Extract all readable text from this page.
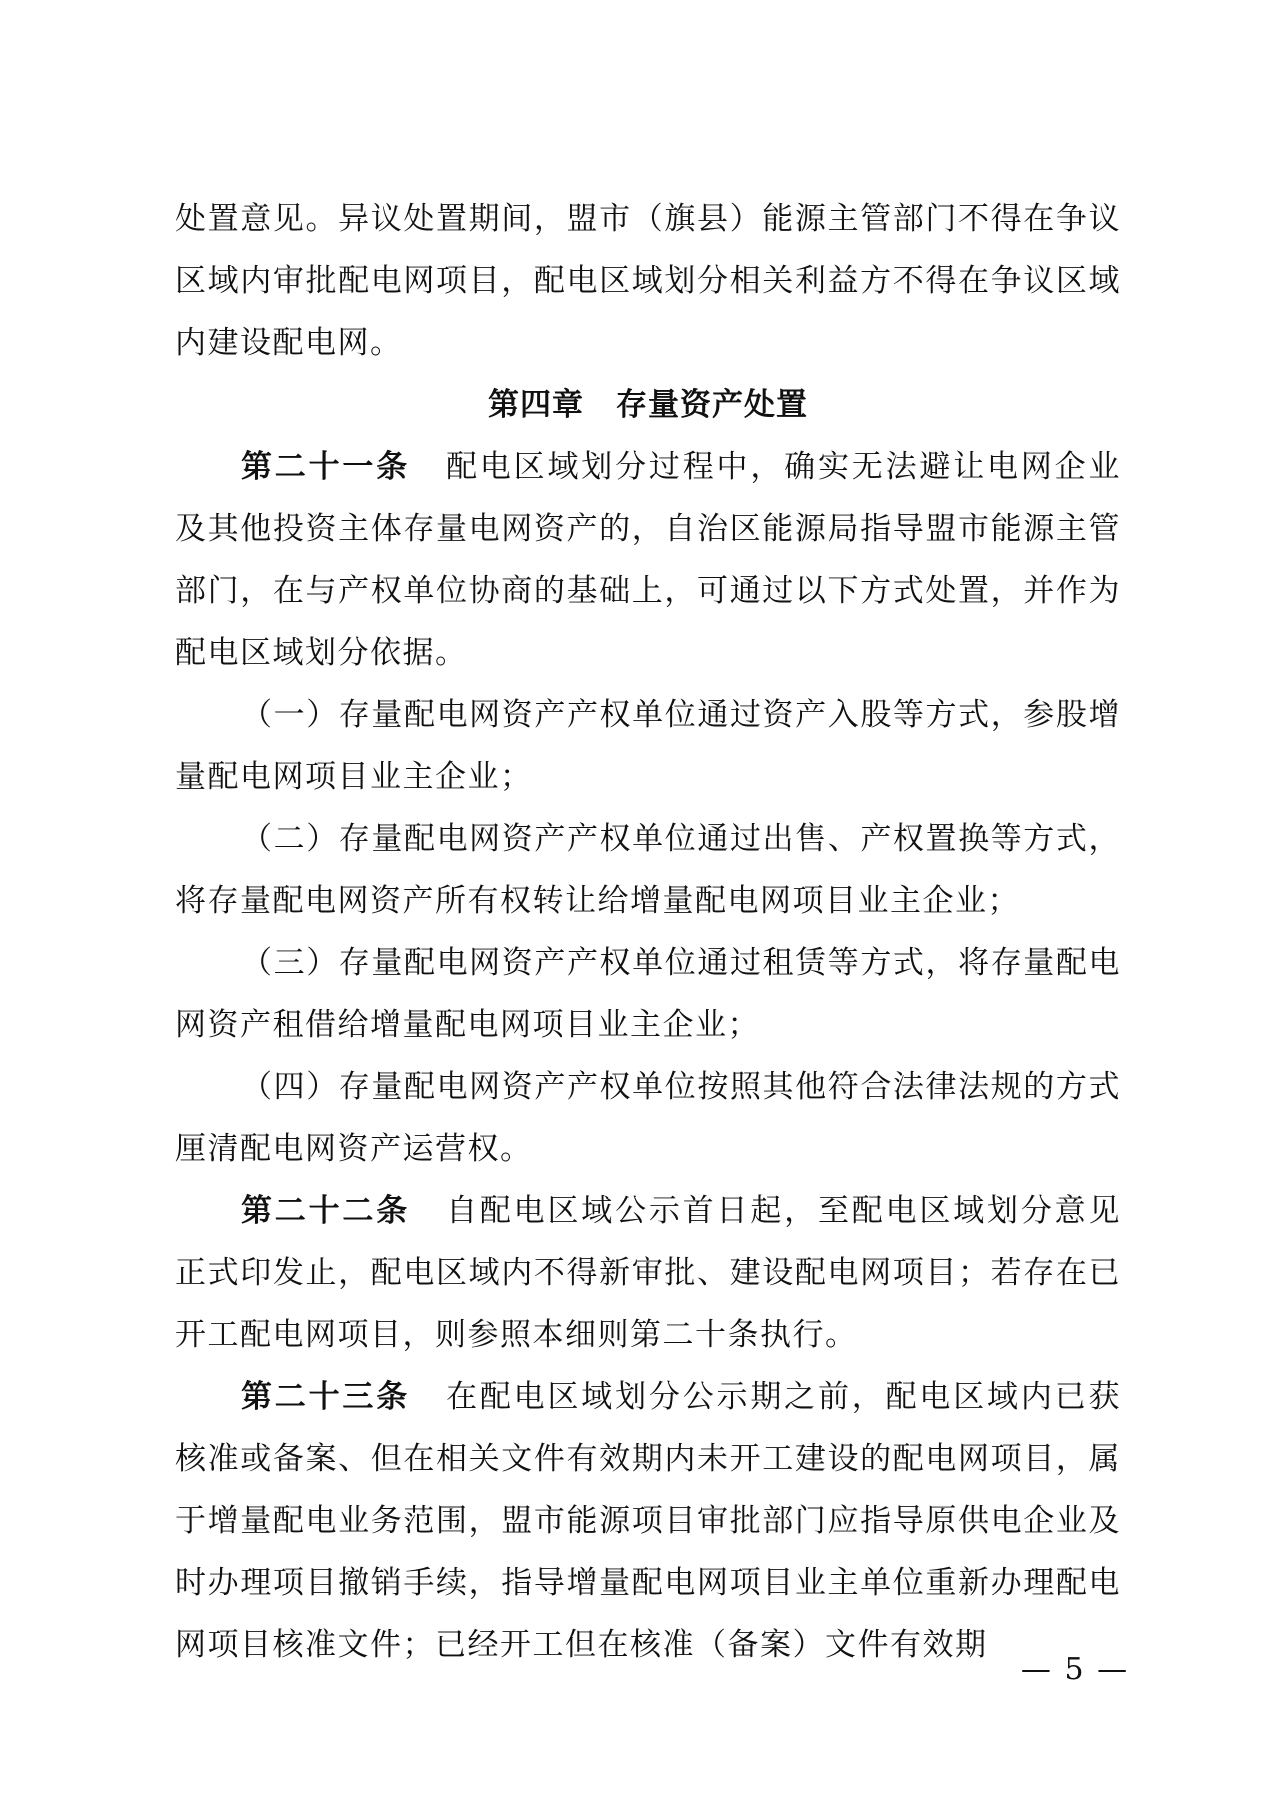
处置意见。异议处置期间，盟市（旗县）能源主管部门不得在争议区域内审批配电网项目，配电区域划分相关利益方不得在争议区域内建设配电网。

第四章　存量资产处置

第二十一条 配电区域划分过程中，确实无法避让电网企业及其他投资主体存量电网资产的，自治区能源局指导盟市能源主管部门，在与产权单位协商的基础上，可通过以下方式处置，并作为配电区域划分依据。

（一）存量配电网资产产权单位通过资产入股等方式，参股增量配电网项目业主企业；

（二）存量配电网资产产权单位通过出售、产权置换等方式，将存量配电网资产所有权转让给增量配电网项目业主企业；

（三）存量配电网资产产权单位通过租赁等方式，将存量配电网资产租借给增量配电网项目业主企业；

（四）存量配电网资产产权单位按照其他符合法律法规的方式厘清配电网资产运营权。

第二十二条 自配电区域公示首日起，至配电区域划分意见正式印发止，配电区域内不得新审批、建设配电网项目；若存在已开工配电网项目，则参照本细则第二十条执行。

第二十三条 在配电区域划分公示期之前，配电区域内已获核准或备案、但在相关文件有效期内未开工建设的配电网项目，属于增量配电业务范围，盟市能源项目审批部门应指导原供电企业及时办理项目撤销手续，指导增量配电网项目业主单位重新办理配电网项目核准文件；已经开工但在核准（备案）文件有效期

— 5 —
